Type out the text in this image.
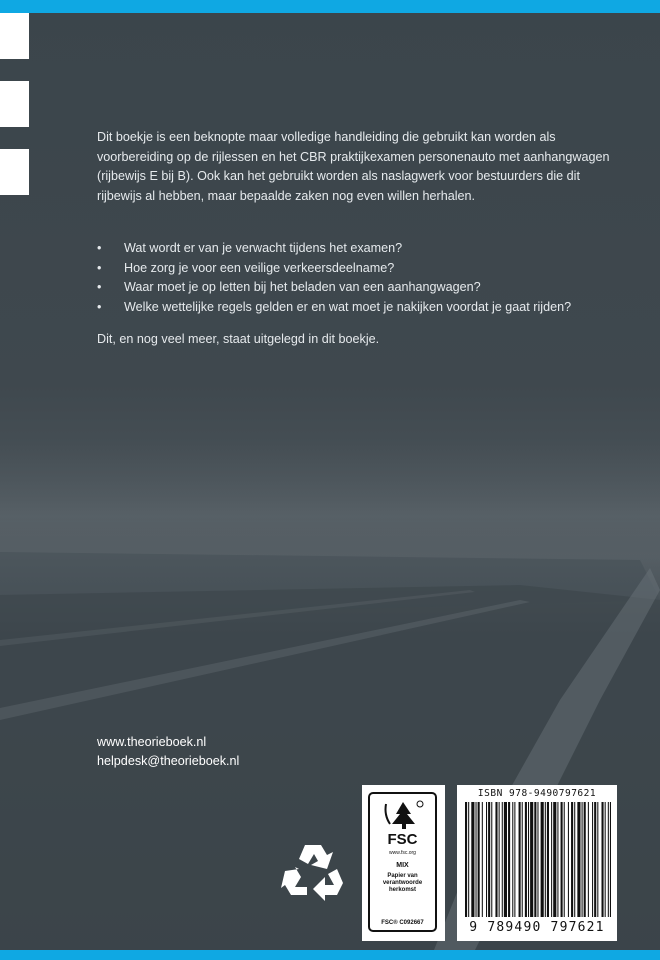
Dit boekje is een beknopte maar volledige handleiding die gebruikt kan worden als voorbereiding op de rijlessen en het CBR praktijkexamen personenauto met aanhangwagen (rijbewijs E bij B). Ook kan het gebruikt worden als naslagwerk voor bestuurders die dit rijbewijs al hebben, maar bepaalde zaken nog even willen herhalen.

• Wat wordt er van je verwacht tijdens het examen?
• Hoe zorg je voor een veilige verkeersdeelname?
• Waar moet je op letten bij het beladen van een aanhangwagen?
• Welke wettelijke regels gelden er en wat moet je nakijken voordat je gaat rijden?

Dit, en nog veel meer, staat uitgelegd in dit boekje.

www.theorieboek.nl
helpdesk@theorieboek.nl
FSC
www.fsc.org
MIX
Papier van verantwoorde herkomst
FSC® C092667
ISBN 978-9490797621
9 789490 797621
